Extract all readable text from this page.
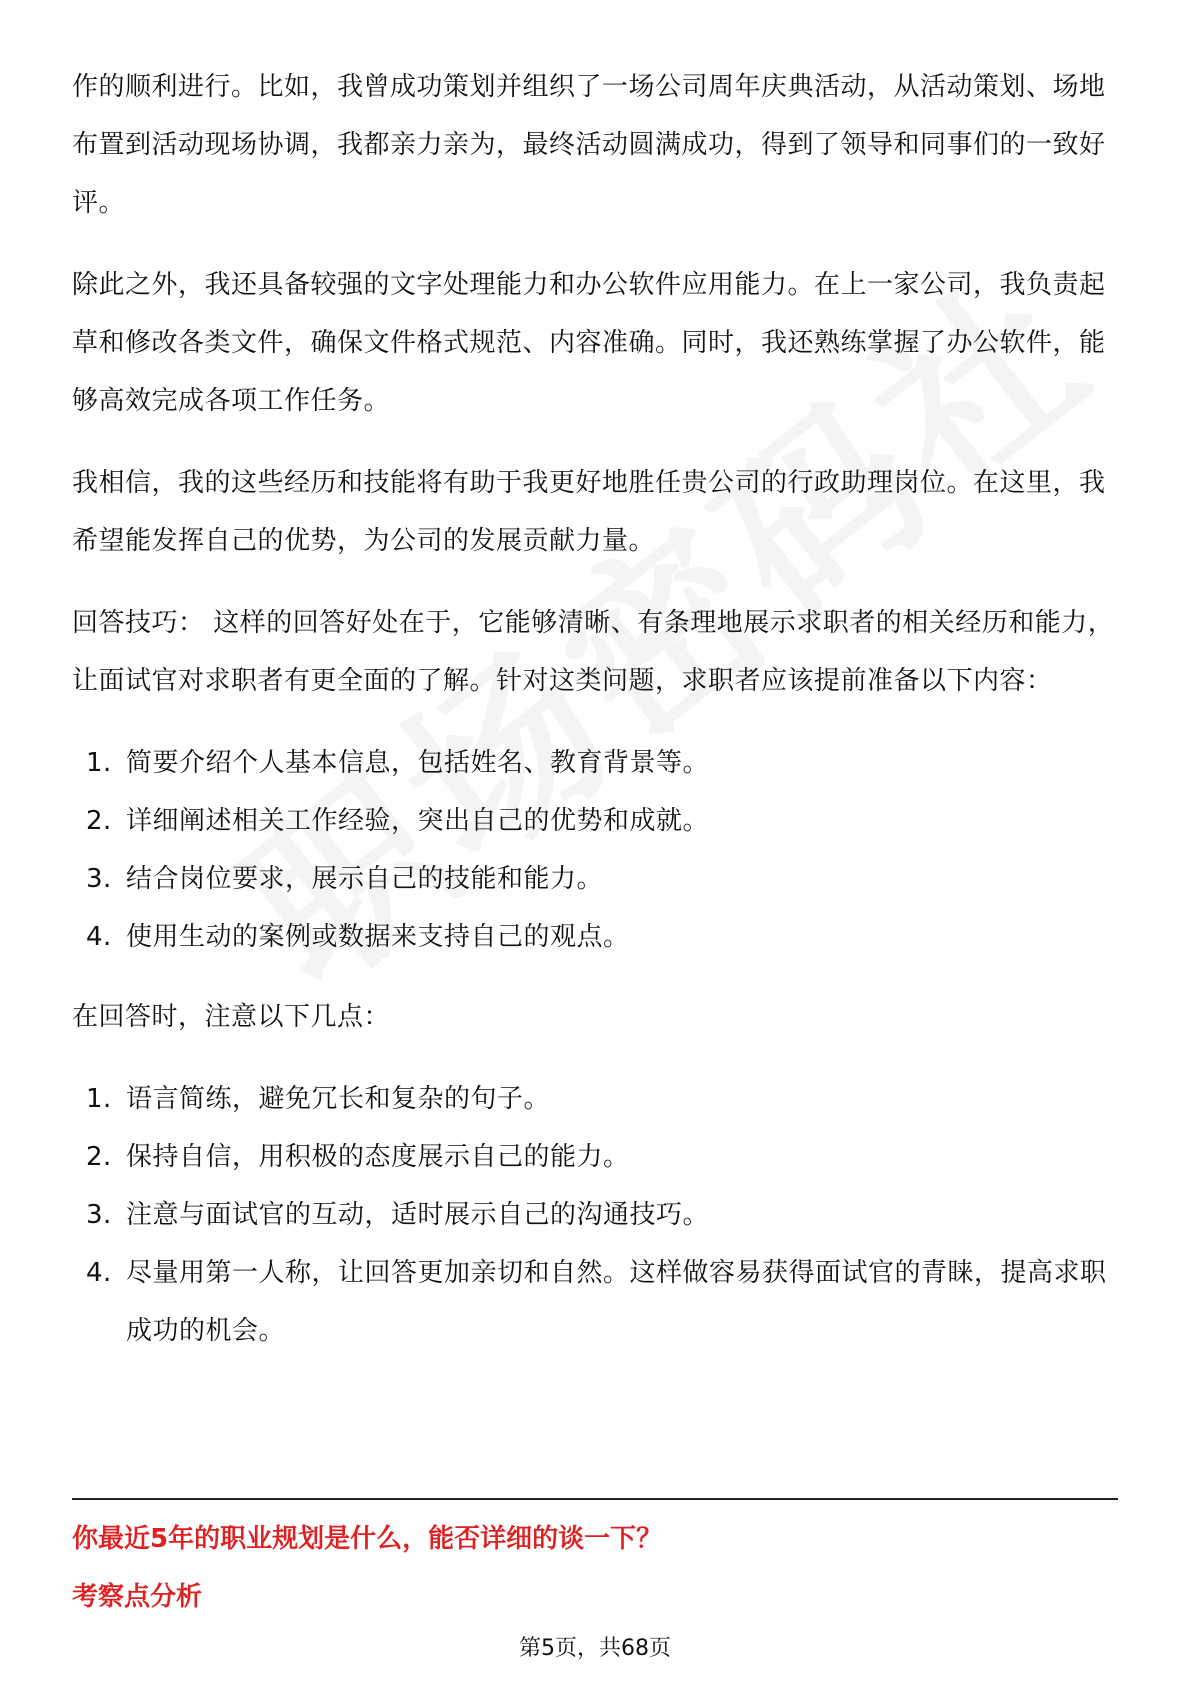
作的顺利进行。比如，我曾成功策划并组织了一场公司周年庆典活动，从活动策划、场地布置到活动现场协调，我都亲力亲为，最终活动圆满成功，得到了领导和同事们的一致好评。

除此之外，我还具备较强的文字处理能力和办公软件应用能力。在上一家公司，我负责起草和修改各类文件，确保文件格式规范、内容准确。同时，我还熟练掌握了办公软件，能够高效完成各项工作任务。

我相信，我的这些经历和技能将有助于我更好地胜任贵公司的行政助理岗位。在这里，我希望能发挥自己的优势，为公司的发展贡献力量。

回答技巧： 这样的回答好处在于，它能够清晰、有条理地展示求职者的相关经历和能力，让面试官对求职者有更全面的了解。针对这类问题，求职者应该提前准备以下内容：

1. 简要介绍个人基本信息，包括姓名、教育背景等。
2. 详细阐述相关工作经验，突出自己的优势和成就。
3. 结合岗位要求，展示自己的技能和能力。
4. 使用生动的案例或数据来支持自己的观点。

在回答时，注意以下几点：

1. 语言简练，避免冗长和复杂的句子。
2. 保持自信，用积极的态度展示自己的能力。
3. 注意与面试官的互动，适时展示自己的沟通技巧。
4. 尽量用第一人称，让回答更加亲切和自然。这样做容易获得面试官的青睐，提高求职成功的机会。
你最近5年的职业规划是什么，能否详细的谈一下？
考察点分析
第5页，共68页
